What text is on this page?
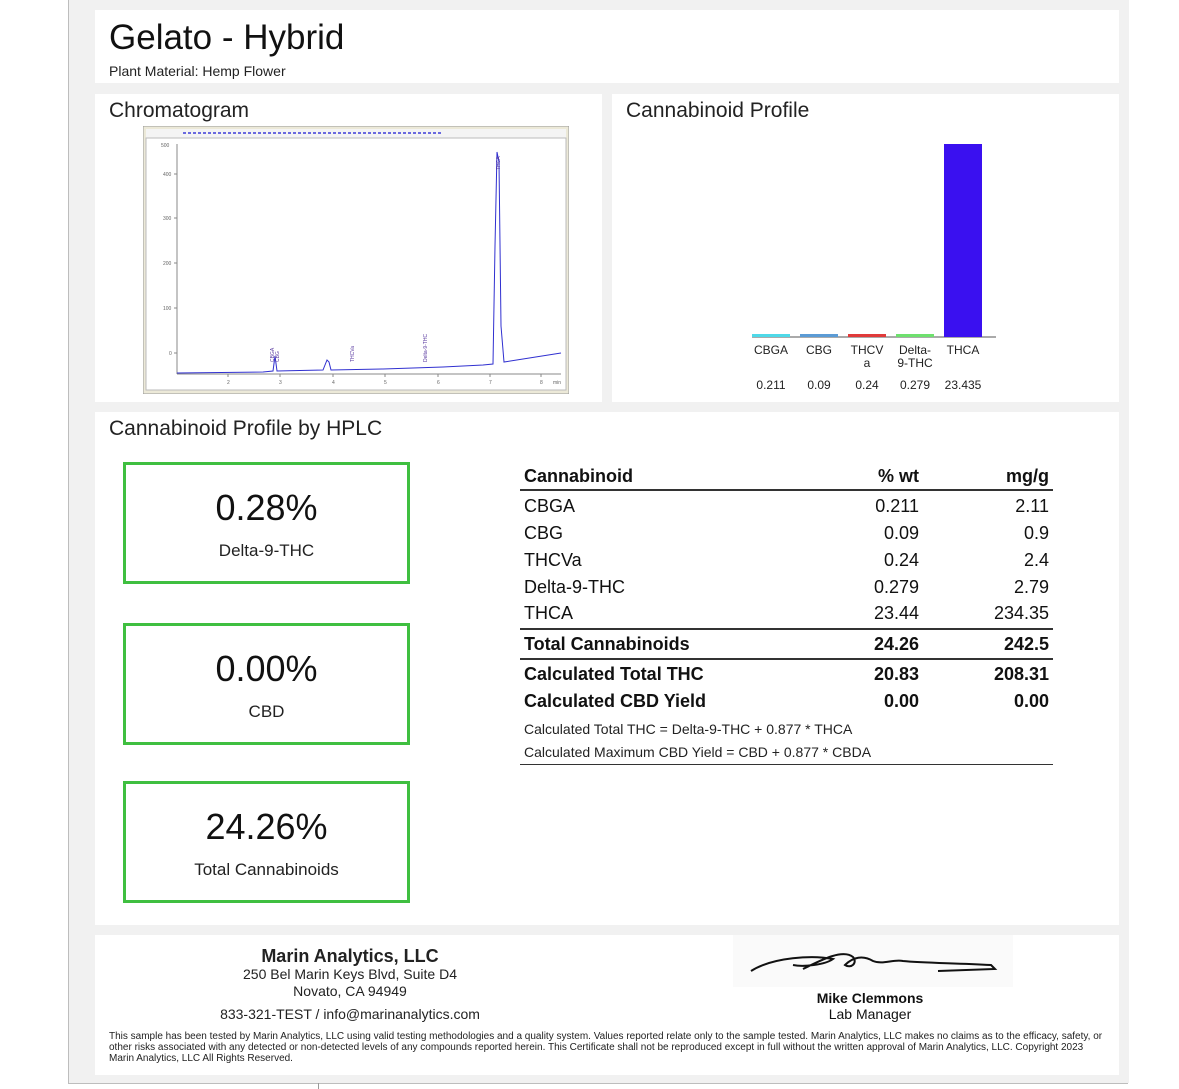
Gelato - Hybrid
Plant Material: Hemp Flower
Chromatogram
500
400
300
200
100
0
2	3	4	5	6	7	8 min
CBGA CBG	THCVa	Delta-9-THC
THCA
Cannabinoid Profile
CBGA
0.211
CBG
0.09
THCV
a
0.24
Delta-
9-THC
0.279
THCA
23.435
Cannabinoid Profile by HPLC
0.28%
Delta-9-THC
0.00%
CBD
24.26%
Total Cannabinoids
Cannabinoid	% wt	mg/g
CBGA	0.211	2.11
CBG	0.09	0.9
THCVa	0.24	2.4
Delta-9-THC	0.279	2.79
THCA	23.44	234.35
Total Cannabinoids	24.26	242.5
Calculated Total THC	20.83	208.31
Calculated CBD Yield	0.00	0.00
Calculated Total THC = Delta-9-THC + 0.877 * THCA
Calculated Maximum CBD Yield = CBD + 0.877 * CBDA
Marin Analytics, LLC
250 Bel Marin Keys Blvd, Suite D4
Novato, CA 94949
833-321-TEST / info@marinanalytics.com
Mike Clemmons
Lab Manager
This sample has been tested by Marin Analytics, LLC using valid testing methodologies and a quality system. Values reported relate only to the sample tested. Marin Analytics, LLC makes no claims as to the efficacy, safety, or other risks associated with any detected or non-detected levels of any compounds reported herein. This Certificate shall not be reproduced except in full without the written approval of Marin Analytics, LLC. Copyright 2023 Marin Analytics, LLC All Rights Reserved.
